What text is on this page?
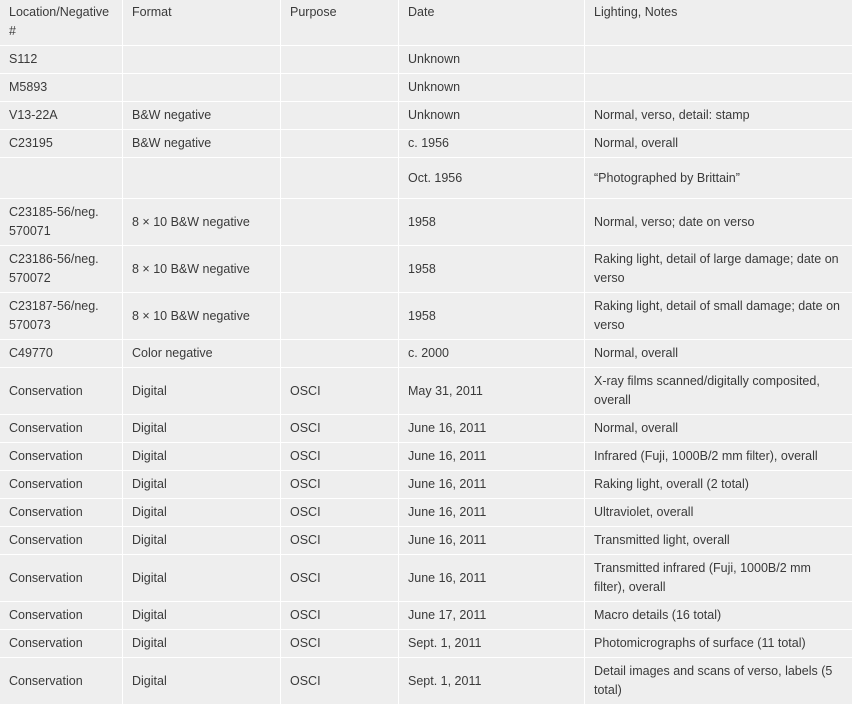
Location/Negative #	Format	Purpose	Date	Lighting, Notes
S112			Unknown	
M5893			Unknown	
V13-22A	B&W negative		Unknown	Normal, verso, detail: stamp
C23195	B&W negative		c. 1956	Normal, overall
			Oct. 1956	“Photographed by Brittain”
C23185-56/neg. 570071	8 × 10 B&W negative		1958	Normal, verso; date on verso
C23186-56/neg. 570072	8 × 10 B&W negative		1958	Raking light, detail of large damage; date on verso
C23187-56/neg. 570073	8 × 10 B&W negative		1958	Raking light, detail of small damage; date on verso
C49770	Color negative		c. 2000	Normal, overall
Conservation	Digital	OSCI	May 31, 2011	X-ray films scanned/digitally composited, overall
Conservation	Digital	OSCI	June 16, 2011	Normal, overall
Conservation	Digital	OSCI	June 16, 2011	Infrared (Fuji, 1000B/2 mm filter), overall
Conservation	Digital	OSCI	June 16, 2011	Raking light, overall (2 total)
Conservation	Digital	OSCI	June 16, 2011	Ultraviolet, overall
Conservation	Digital	OSCI	June 16, 2011	Transmitted light, overall
Conservation	Digital	OSCI	June 16, 2011	Transmitted infrared (Fuji, 1000B/2 mm filter), overall
Conservation	Digital	OSCI	June 17, 2011	Macro details (16 total)
Conservation	Digital	OSCI	Sept. 1, 2011	Photomicrographs of surface (11 total)
Conservation	Digital	OSCI	Sept. 1, 2011	Detail images and scans of verso, labels (5 total)
